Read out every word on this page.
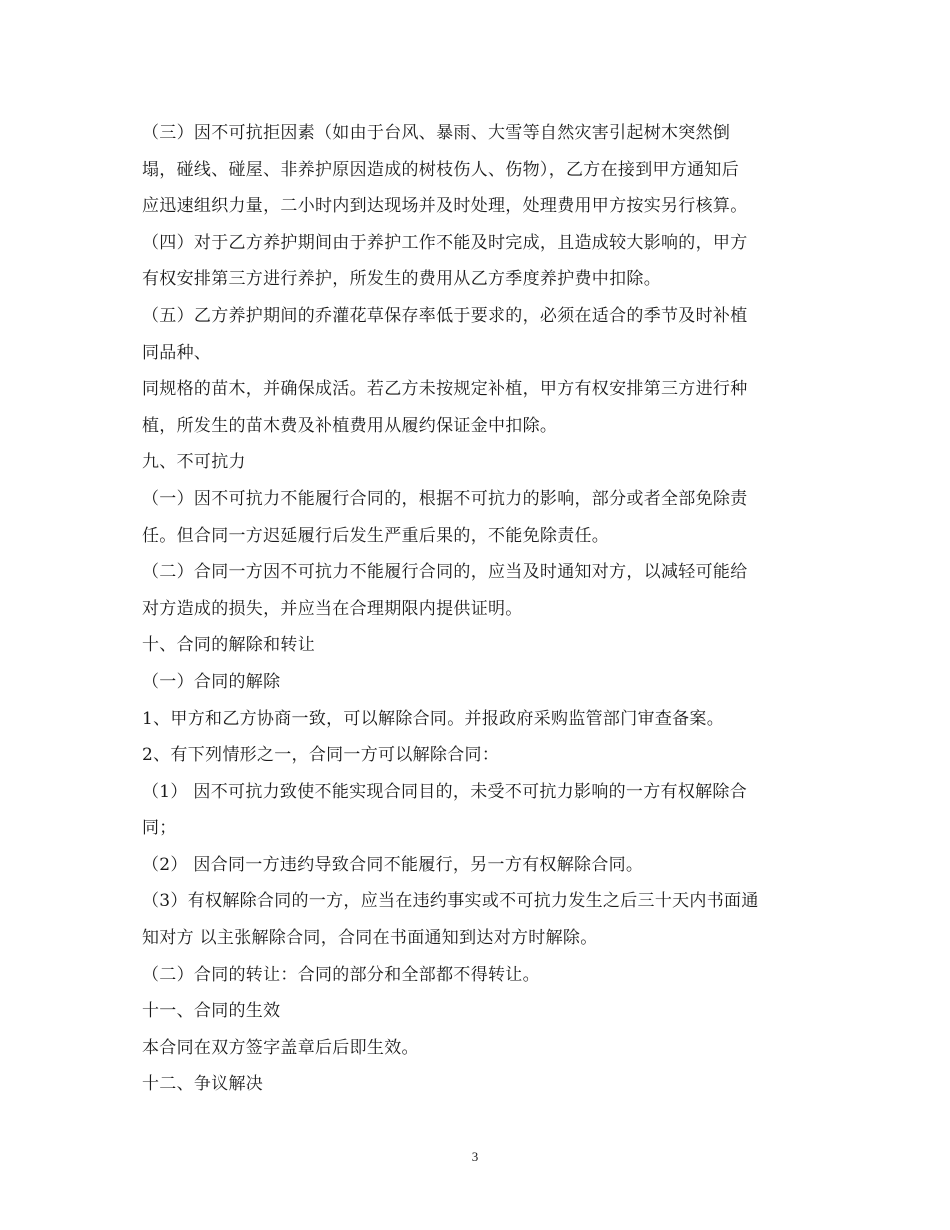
（三）因不可抗拒因素（如由于台风、暴雨、大雪等自然灾害引起树木突然倒
塌，碰线、碰屋、非养护原因造成的树枝伤人、伤物），乙方在接到甲方通知后
应迅速组织力量，二小时内到达现场并及时处理，处理费用甲方按实另行核算。
（四）对于乙方养护期间由于养护工作不能及时完成，且造成较大影响的，甲方
有权安排第三方进行养护，所发生的费用从乙方季度养护费中扣除。
（五）乙方养护期间的乔灌花草保存率低于要求的，必须在适合的季节及时补植
同品种、
同规格的苗木，并确保成活。若乙方未按规定补植，甲方有权安排第三方进行种
植，所发生的苗木费及补植费用从履约保证金中扣除。
九、不可抗力
（一）因不可抗力不能履行合同的，根据不可抗力的影响，部分或者全部免除责
任。但合同一方迟延履行后发生严重后果的，不能免除责任。
（二）合同一方因不可抗力不能履行合同的，应当及时通知对方，以减轻可能给
对方造成的损失，并应当在合理期限内提供证明。
十、合同的解除和转让
（一）合同的解除
1、甲方和乙方协商一致，可以解除合同。并报政府采购监管部门审查备案。
2、有下列情形之一，合同一方可以解除合同：
（1） 因不可抗力致使不能实现合同目的，未受不可抗力影响的一方有权解除合
同；
（2） 因合同一方违约导致合同不能履行，另一方有权解除合同。
（3）有权解除合同的一方，应当在违约事实或不可抗力发生之后三十天内书面通
知对方 以主张解除合同，合同在书面通知到达对方时解除。
（二）合同的转让：合同的部分和全部都不得转让。
十一、合同的生效
本合同在双方签字盖章后后即生效。
十二、争议解决
3
